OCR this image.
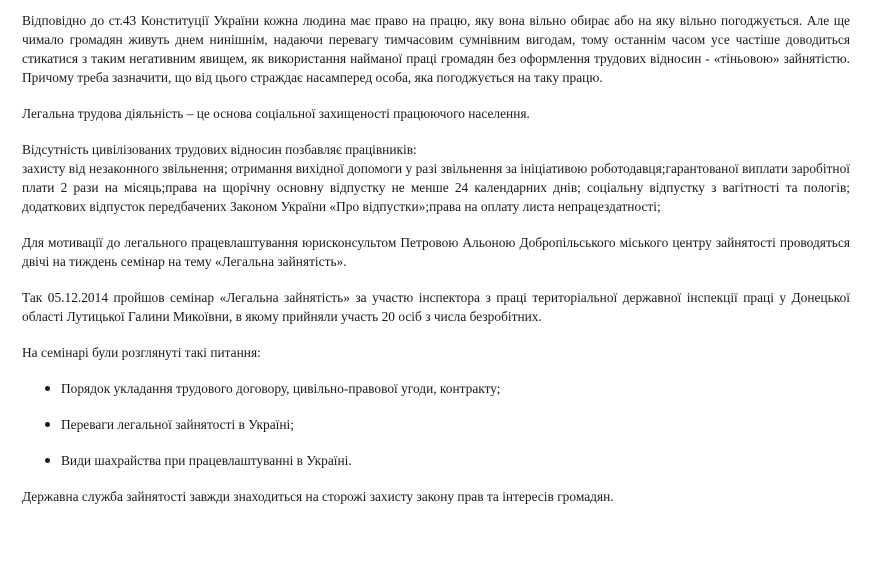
Відповідно до ст.43 Конституції України кожна людина має право на працю, яку вона вільно обирає або на яку вільно погоджується. Але ще чимало громадян живуть днем нинішнім, надаючи перевагу тимчасовим сумнівним вигодам, тому останнім часом усе частіше доводиться стикатися з таким негативним явищем, як використання найманої праці громадян без оформлення трудових відносин - «тіньовою» зайнятістю. Причому треба зазначити, що від цього страждає насамперед особа, яка погоджується на таку працю.

Легальна трудова діяльність – це основа соціальної захищеності працюючого населення.

Відсутність цивілізованих трудових відносин позбавляє працівників:

захисту від незаконного звільнення; отримання вихідної допомоги у разі звільнення за ініціативою роботодавця;гарантованої виплати заробітної плати 2 рази на місяць;права на щорічну основну відпустку не менше 24 календарних днів; соціальну відпустку з вагітності та пологів; додаткових відпусток передбачених Законом України «Про відпустки»;права на оплату листа непрацездатності;

Для мотивації до легального працевлаштування юрисконсультом Петровою Альоною Добропільського міського центру зайнятості проводяться двічі на тиждень семінар на тему «Легальна зайнятість».

Так 05.12.2014 пройшов семінар «Легальна зайнятість» за участю інспектора з праці територіальної державної інспекції праці у Донецької області Лутицької Галини Микоївни, в якому прийняли участь 20 осіб з числа безробітних.

На семінарі були розглянуті такі питання:

Порядок укладання трудового договору, цивільно-правової угоди, контракту;
Переваги легальної зайнятості в Україні;
Види шахрайства при працевлаштуванні в Україні.

Державна служба зайнятості завжди знаходиться на сторожі захисту закону прав та інтересів громадян.
